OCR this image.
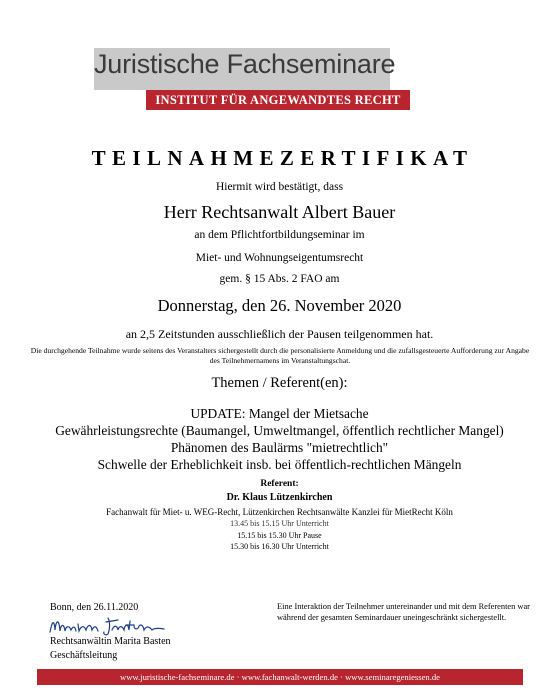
Juristische Fachseminare
INSTITUT FÜR ANGEWANDTES RECHT
TEILNAHMEZERTIFIKAT
Hiermit wird bestätigt, dass
Herr Rechtsanwalt Albert Bauer
an dem Pflichtfortbildungseminar im
Miet- und Wohnungseigentumsrecht
gem. § 15 Abs. 2 FAO am
Donnerstag, den 26. November 2020
an 2,5 Zeitstunden ausschließlich der Pausen teilgenommen hat.
Die durchgehende Teilnahme wurde seitens des Veranstalters sichergestellt durch die personalisierte Anmeldung und die zufallsgesteuerte Aufforderung zur Angabe des Teilnehmernamens im Veranstaltungschat.
Themen / Referent(en):
UPDATE: Mangel der Mietsache
Gewährleistungsrechte (Baumangel, Umweltmangel, öffentlich rechtlicher Mangel)
Phänomen des Baulärms "mietrechtlich"
Schwelle der Erheblichkeit insb. bei öffentlich-rechtlichen Mängeln
Referent:
Dr. Klaus Lützenkirchen
Fachanwalt für Miet- u. WEG-Recht, Lützenkirchen Rechtsanwälte Kanzlei für MietRecht Köln
13.45 bis 15.15 Uhr Unterricht
15.15 bis 15.30 Uhr Pause
15.30 bis 16.30 Uhr Unterricht
Bonn, den 26.11.2020
Rechtsanwältin Marita Basten
Geschäftsleitung
Eine Interaktion der Teilnehmer untereinander und mit dem Referenten war während der gesamten Seminardauer uneingeschränkt sichergestellt.
www.juristische-fachseminare.de · www.fachanwalt-werden.de · www.seminaregeniessen.de
